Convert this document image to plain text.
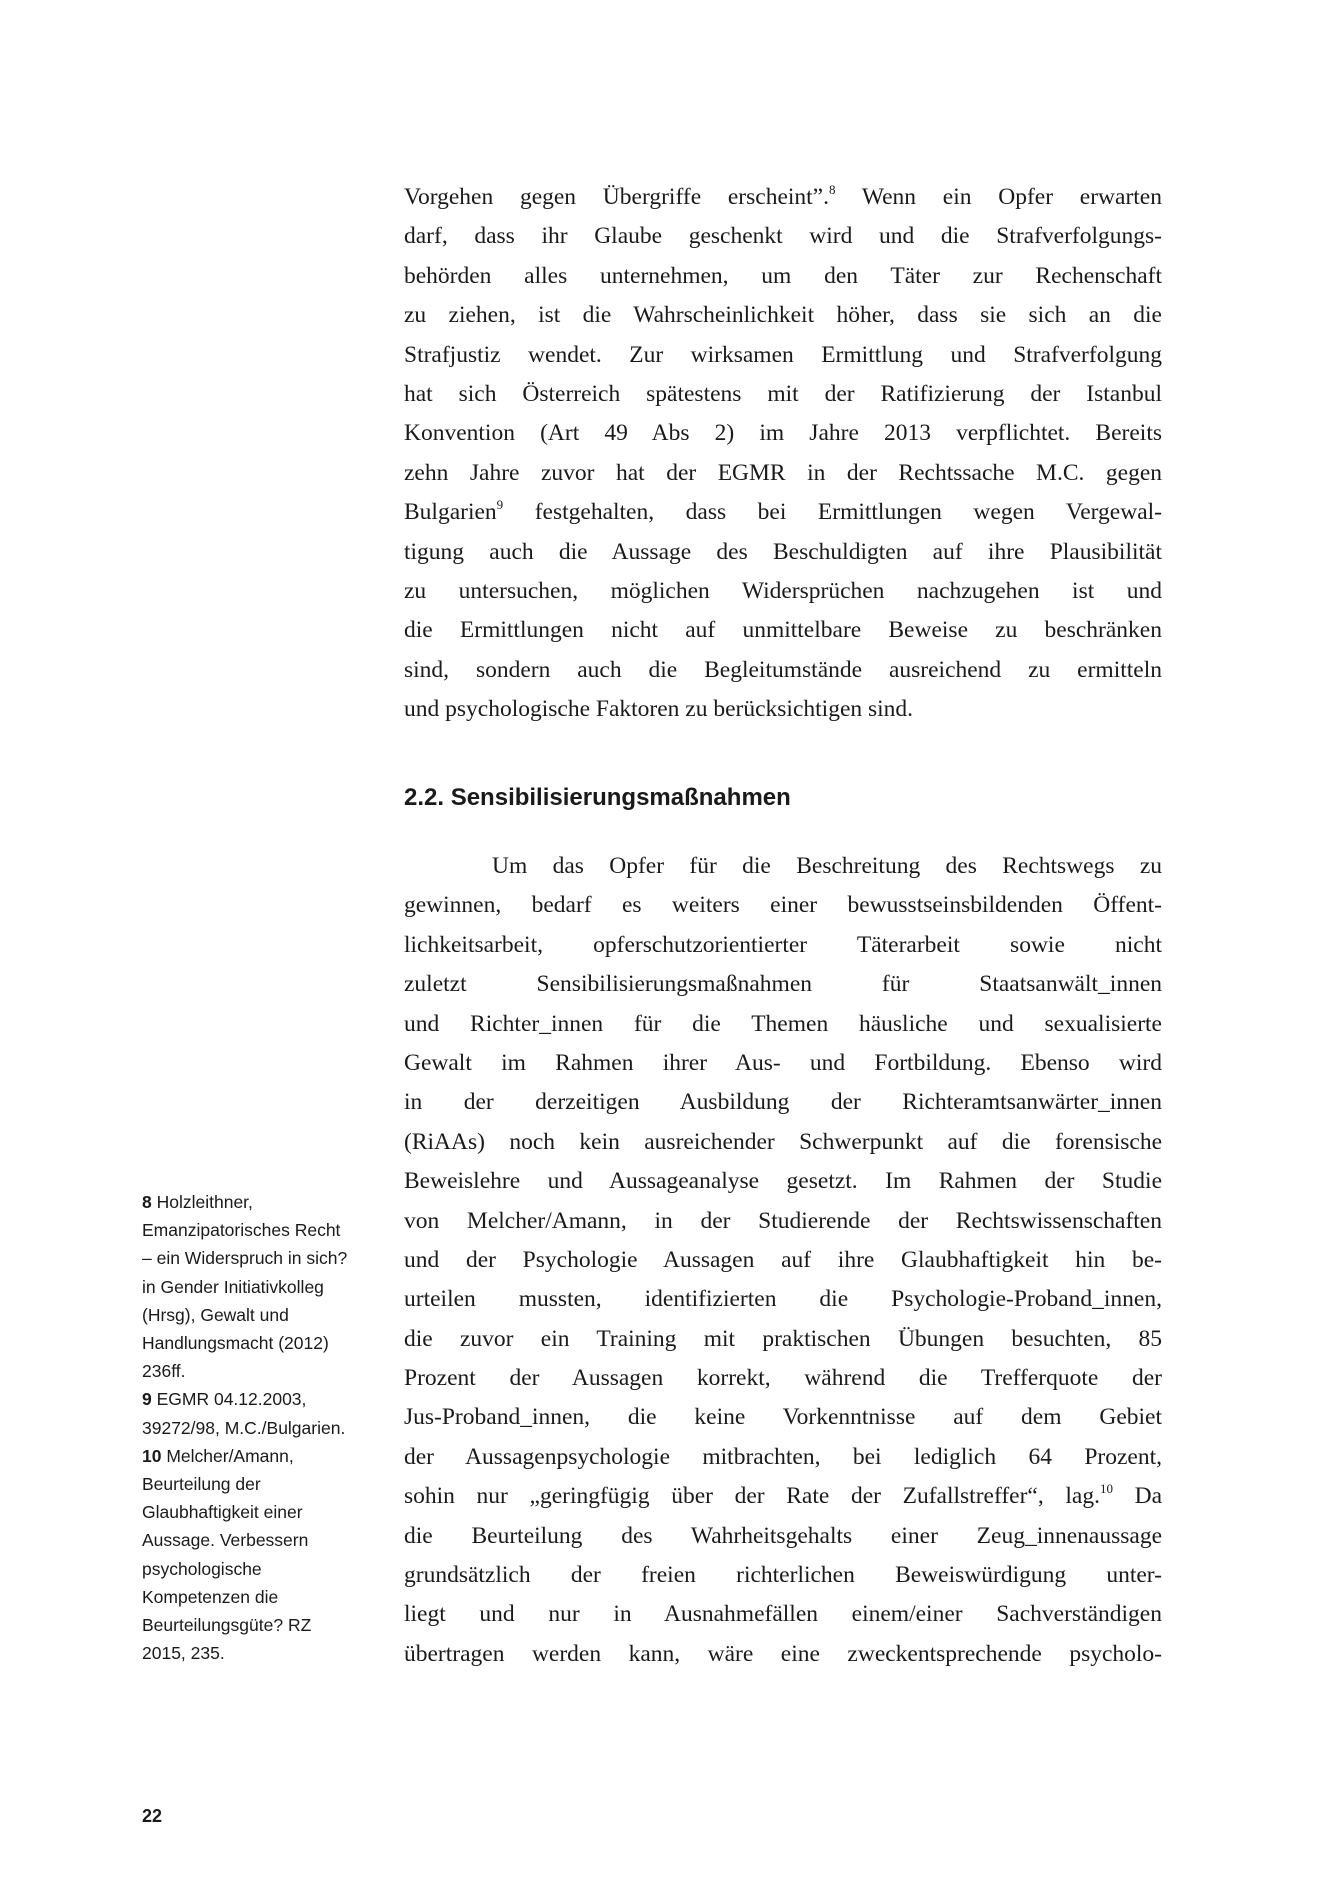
Vorgehen gegen Übergriffe erscheint”.$^8$ Wenn ein Opfer erwarten
darf, dass ihr Glaube geschenkt wird und die Strafverfolgungs-
behörden alles unternehmen, um den Täter zur Rechenschaft
zu ziehen, ist die Wahrscheinlichkeit höher, dass sie sich an die
Strafjustiz wendet. Zur wirksamen Ermittlung und Strafverfolgung
hat sich Österreich spätestens mit der Ratifizierung der Istanbul
Konvention (Art 49 Abs 2) im Jahre 2013 verpflichtet. Bereits
zehn Jahre zuvor hat der EGMR in der Rechtssache M.C. gegen
Bulgarien$^9$ festgehalten, dass bei Ermittlungen wegen Vergewal-
tigung auch die Aussage des Beschuldigten auf ihre Plausibilität
zu untersuchen, möglichen Widersprüchen nachzugehen ist und
die Ermittlungen nicht auf unmittelbare Beweise zu beschränken
sind, sondern auch die Begleitumstände ausreichend zu ermitteln
und psychologische Faktoren zu berücksichtigen sind.
2.2. Sensibilisierungsmaßnahmen
Um das Opfer für die Beschreitung des Rechtswegs zu
gewinnen, bedarf es weiters einer bewusstseinsbildenden Öffent-
lichkeitsarbeit, opferschutzorientierter Täterarbeit sowie nicht
zuletzt Sensibilisierungsmaßnahmen für Staatsanwält_innen
und Richter_innen für die Themen häusliche und sexualisierte
Gewalt im Rahmen ihrer Aus- und Fortbildung. Ebenso wird
in der derzeitigen Ausbildung der Richteramtsanwärter_innen
(RiAAs) noch kein ausreichender Schwerpunkt auf die forensische
Beweislehre und Aussageanalyse gesetzt. Im Rahmen der Studie
von Melcher/Amann, in der Studierende der Rechtswissenschaften
und der Psychologie Aussagen auf ihre Glaubhaftigkeit hin be-
urteilen mussten, identifizierten die Psychologie-Proband_innen,
die zuvor ein Training mit praktischen Übungen besuchten, 85
Prozent der Aussagen korrekt, während die Trefferquote der
Jus-Proband_innen, die keine Vorkenntnisse auf dem Gebiet
der Aussagenpsychologie mitbrachten, bei lediglich 64 Prozent,
sohin nur „geringfügig über der Rate der Zufallstreffer“, lag.$^{10}$ Da
die Beurteilung des Wahrheitsgehalts einer Zeug_innenaussage
grundsätzlich der freien richterlichen Beweiswürdigung unter-
liegt und nur in Ausnahmefällen einem/einer Sachverständigen
übertragen werden kann, wäre eine zweckentsprechende psycholo-
8 Holzleithner,
Emanzipatorisches Recht
– ein Widerspruch in sich?
in Gender Initiativkolleg
(Hrsg), Gewalt und
Handlungsmacht (2012)
236ff.
9 EGMR 04.12.2003,
39272/98, M.C./Bulgarien.
10 Melcher/Amann,
Beurteilung der
Glaubhaftigkeit einer
Aussage. Verbessern
psychologische
Kompetenzen die
Beurteilungsgüte? RZ
2015, 235.
22
